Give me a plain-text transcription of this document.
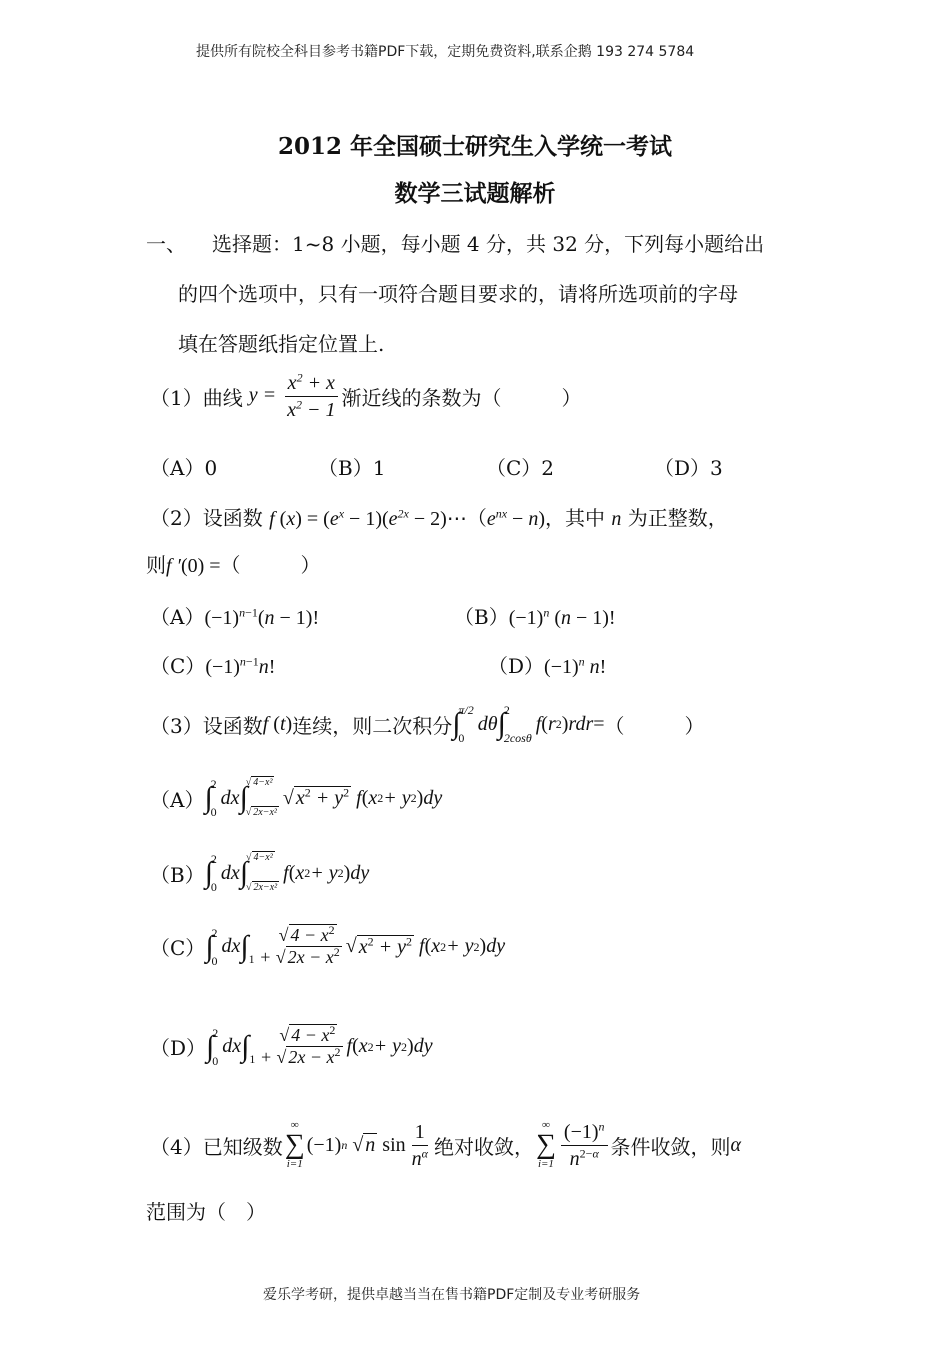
提供所有院校全科目参考书籍PDF下载，定期免费资料,联系企鹅 193 274 5784
2012 年全国硕士研究生入学统一考试
数学三试题解析
一、 选择题：1~8 小题，每小题 4 分，共 32 分，下列每小题给出
的四个选项中，只有一项符合题目要求的，请将所选项前的字母
填在答题纸指定位置上.
（1）曲线 $y = \frac{x^2 + x}{x^2 - 1}$ 渐近线的条数为（　　　）
（A）0	（B）1	（C）2	（D）3
（2）设函数 f $(x) = (e^x - 1)(e^{2x}$ − $2)\cdots(e^{nx} - n)$，其中 n 为正整数，
则f ′(0) =（　　　）
$(A)(-1)^{n-1}(n - 1)$!	$(B)(-1)^n$ (n − 1)!
$(C)(-1)^{n-1}n$!	$(D)(-1)^n$ n!
（3）设函数 f (t) 连续，则二次积分 ∫
π/2
0
dθ ∫
2
2cosθ
f ( r 2 ) rdr = （　　　）
（A） ∫
2
0
dx ∫
√ 4−x²
√ 2x−x²
√ $x^2 + y^2$ f ( x 2 + y 2 ) dy
（B） ∫
2
0
dx ∫
√ 4−x²
√ 2x−x²
f ( x 2 + y 2 ) dy
（C） ∫
2
0
dx ∫	√ $4 - x^2$
1 + √ $2x - x^2$ √ $x^2 + y^2$ f ( x 2 + y 2 ) dy
（D） ∫
2
0
dx ∫	√ $4 - x^2$
1 + √ $2x - x^2$ f ( x 2 + y 2 ) dy
（4）已知级数
∞
∑
i=1
(−1) n
√ n
$\sin \frac{1}{n^\alpha}$ 绝对收敛，
∞
∑
$i=1 \frac{(-1)^n}{n^{2-\alpha}}$ 条件收敛，则 α
范围为（　）
爱乐学考研，提供卓越当当在售书籍PDF定制及专业考研服务
